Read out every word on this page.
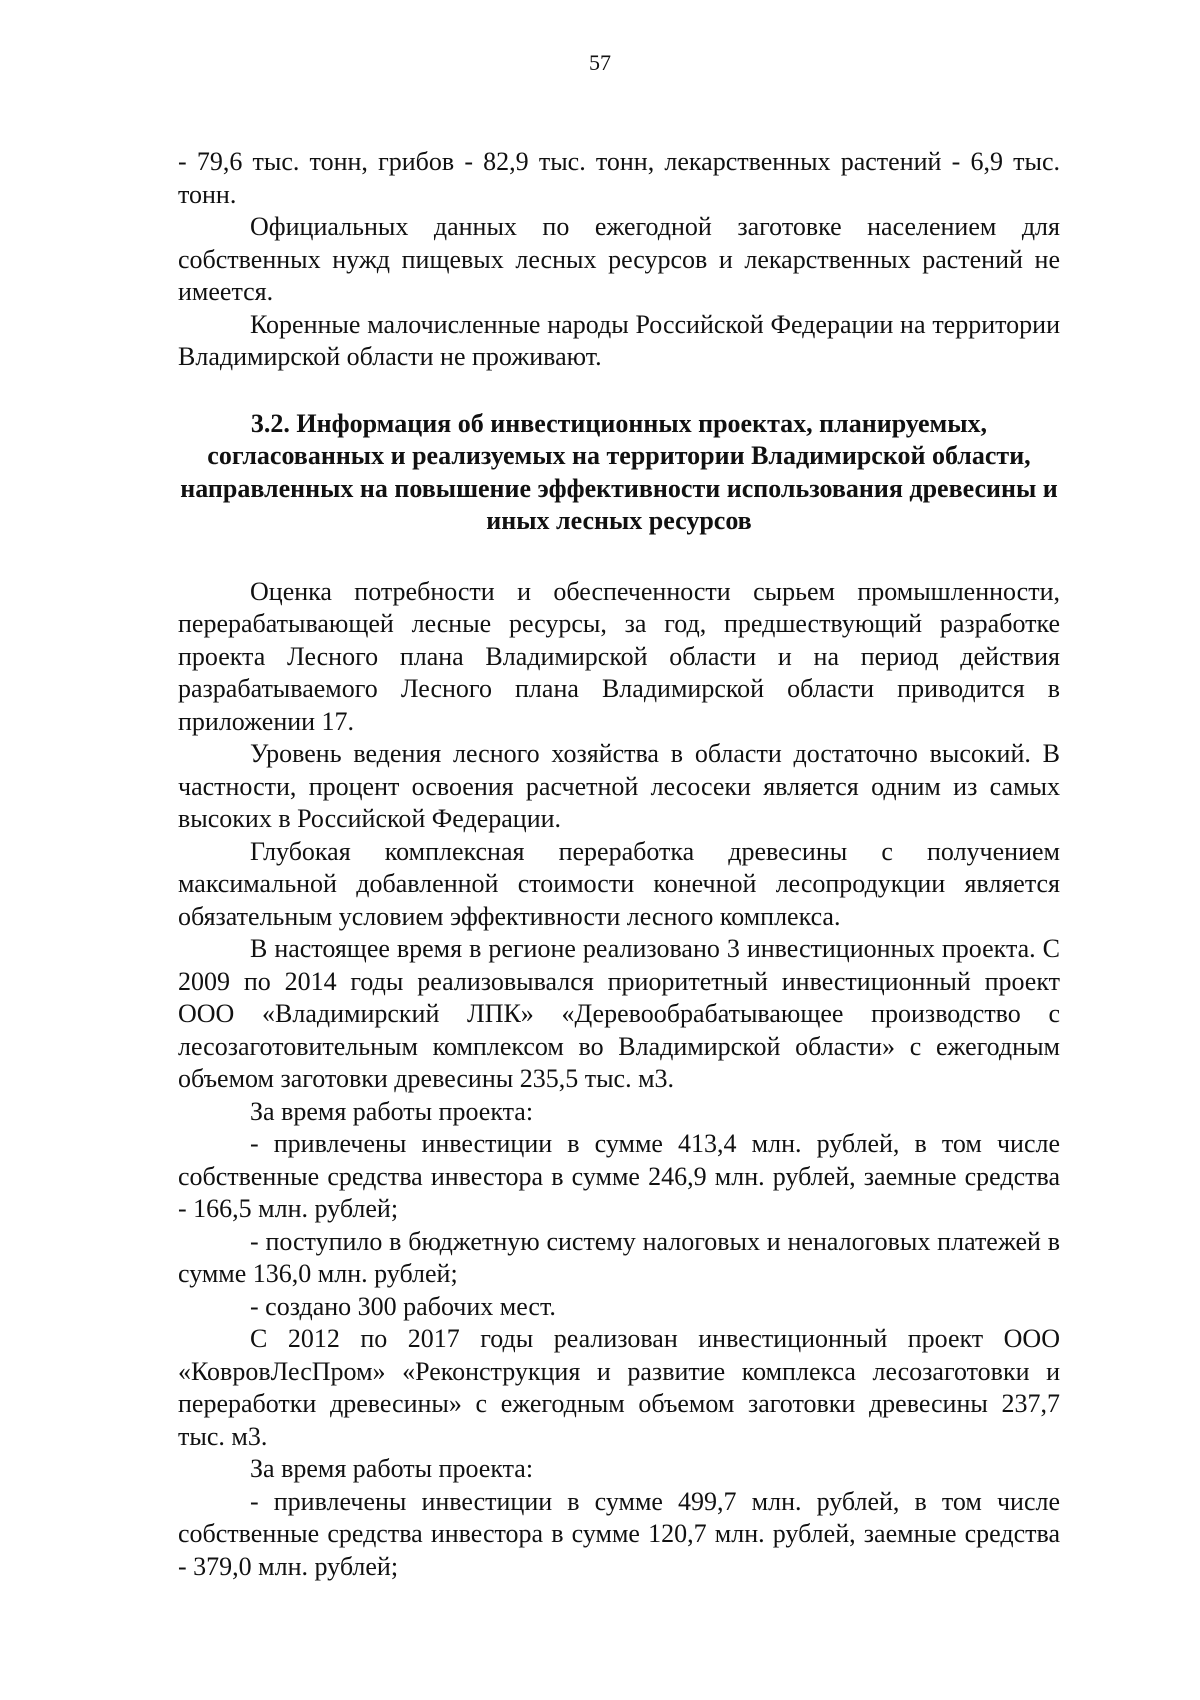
57

- 79,6 тыс. тонн, грибов - 82,9 тыс. тонн, лекарственных растений - 6,9 тыс. тонн.

Официальных данных по ежегодной заготовке населением для собственных нужд пищевых лесных ресурсов и лекарственных растений не имеется.

Коренные малочисленные народы Российской Федерации на территории Владимирской области не проживают.

3.2. Информация об инвестиционных проектах, планируемых, согласованных и реализуемых на территории Владимирской области, направленных на повышение эффективности использования древесины и иных лесных ресурсов

Оценка потребности и обеспеченности сырьем промышленности, перерабатывающей лесные ресурсы, за год, предшествующий разработке проекта Лесного плана Владимирской области и на период действия разрабатываемого Лесного плана Владимирской области приводится в приложении 17.

Уровень ведения лесного хозяйства в области достаточно высокий. В частности, процент освоения расчетной лесосеки является одним из самых высоких в Российской Федерации.

Глубокая комплексная переработка древесины с получением максимальной добавленной стоимости конечной лесопродукции является обязательным условием эффективности лесного комплекса.

В настоящее время в регионе реализовано 3 инвестиционных проекта. С 2009 по 2014 годы реализовывался приоритетный инвестиционный проект ООО «Владимирский ЛПК» «Деревообрабатывающее производство с лесозаготовительным комплексом во Владимирской области» с ежегодным объемом заготовки древесины 235,5 тыс. м3.

За время работы проекта:

- привлечены инвестиции в сумме 413,4 млн. рублей, в том числе собственные средства инвестора в сумме 246,9 млн. рублей, заемные средства - 166,5 млн. рублей;

- поступило в бюджетную систему налоговых и неналоговых платежей в сумме 136,0 млн. рублей;

- создано 300 рабочих мест.

С 2012 по 2017 годы реализован инвестиционный проект ООО «КовровЛесПром» «Реконструкция и развитие комплекса лесозаготовки и переработки древесины» с ежегодным объемом заготовки древесины 237,7 тыс. м3.

За время работы проекта:

- привлечены инвестиции в сумме 499,7 млн. рублей, в том числе собственные средства инвестора в сумме 120,7 млн. рублей, заемные средства - 379,0 млн. рублей;
